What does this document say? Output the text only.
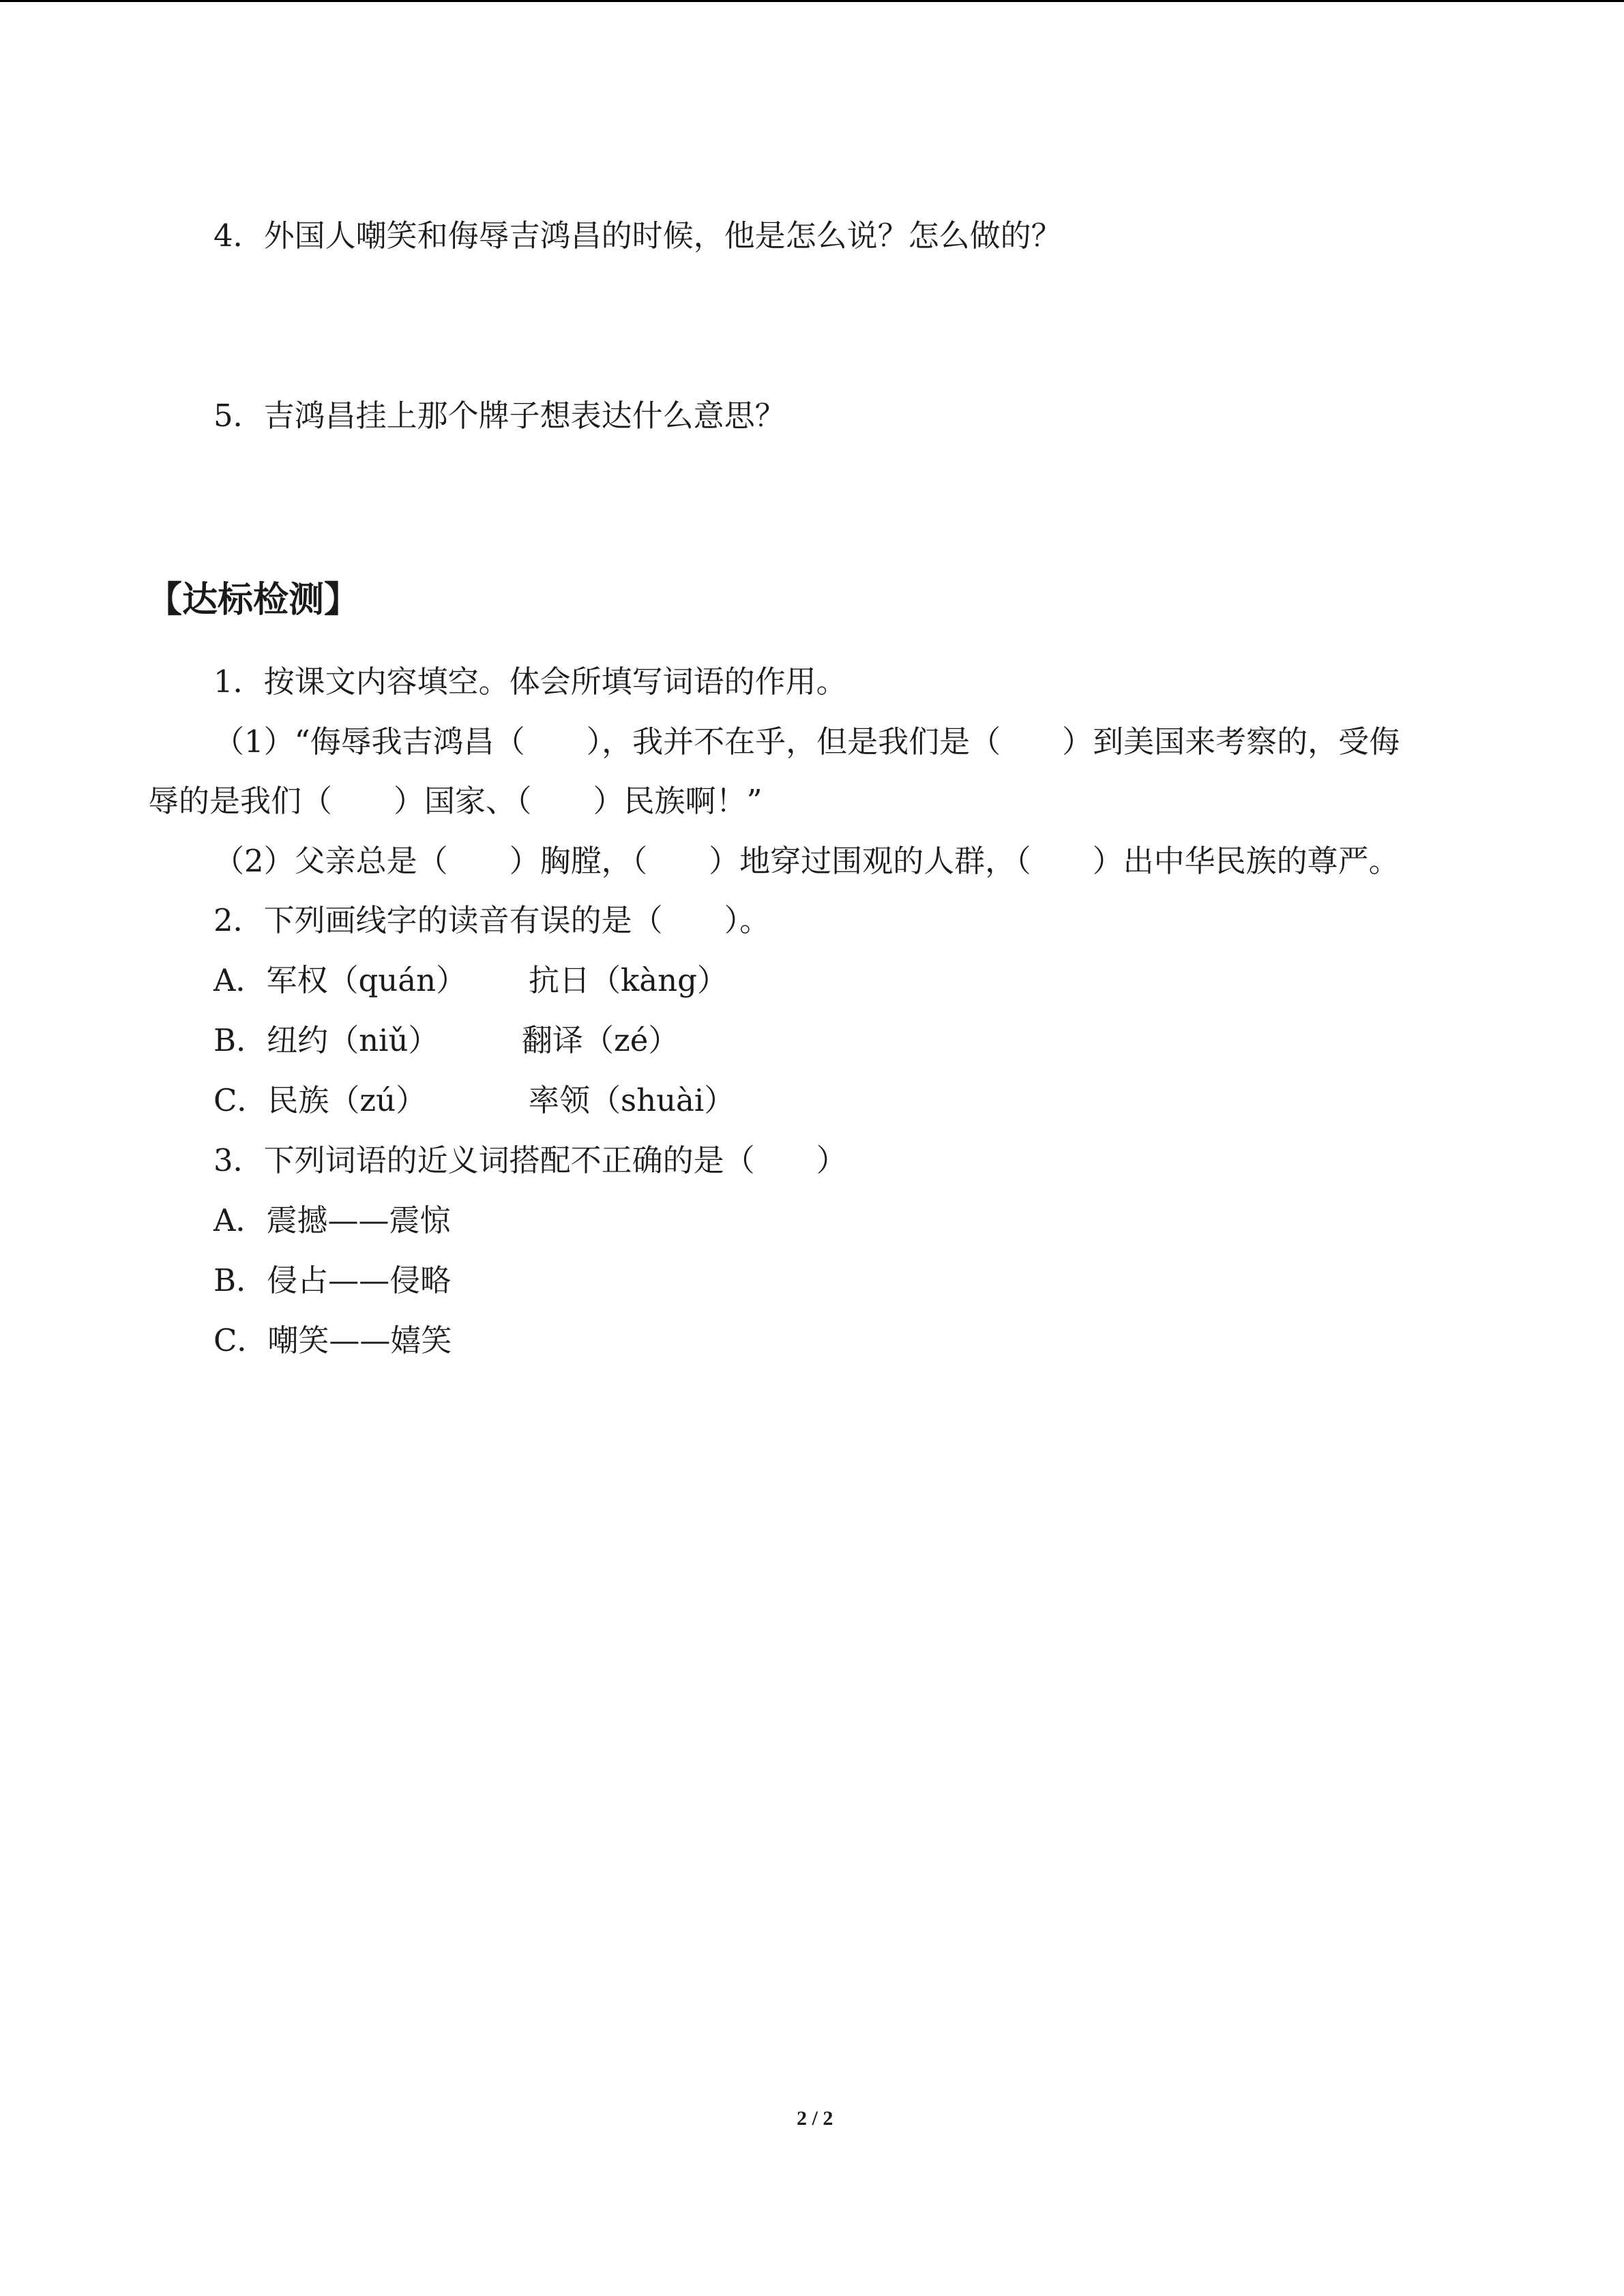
4．外国人嘲笑和侮辱吉鸿昌的时候，他是怎么说？怎么做的？
5．吉鸿昌挂上那个牌子想表达什么意思？
【达标检测】
1．按课文内容填空。体会所填写词语的作用。
（1）“侮辱我吉鸿昌（　　），我并不在乎，但是我们是（　　）到美国来考察的，受侮
辱的是我们（　　）国家、（　　）民族啊！”
（2）父亲总是（　　）胸膛，（　　）地穿过围观的人群，（　　）出中华民族的尊严。
2．下列画线字的读音有误的是（　　）。
A．军权（quán） 抗日（kàng）
B．纽约（niǔ）	翻译（zé）
C．民族（zú）	率领（shuài）
3．下列词语的近义词搭配不正确的是（　　）
A．震撼——震惊
B．侵占——侵略
C．嘲笑——嬉笑
2 / 2
